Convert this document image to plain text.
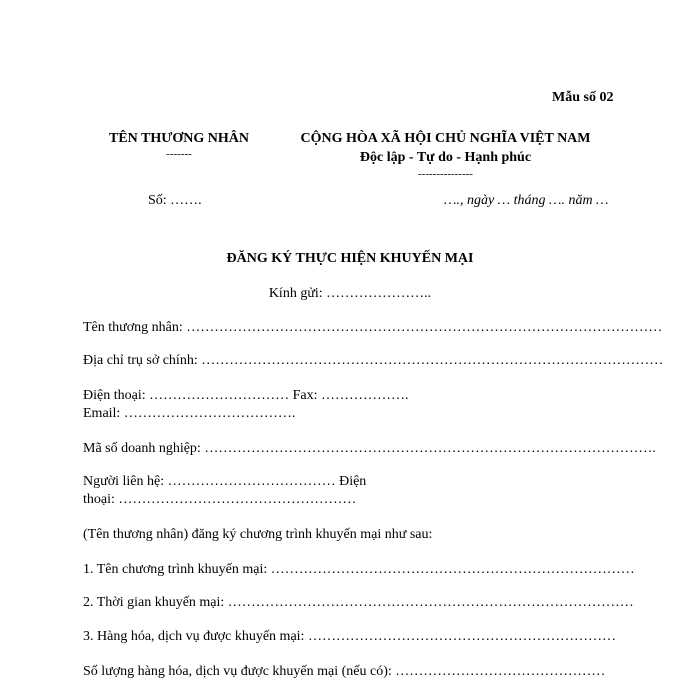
Mẫu số 02
TÊN THƯƠNG NHÂN
-------
CỘNG HÒA XÃ HỘI CHỦ NGHĨA VIỆT NAM
Độc lập - Tự do - Hạnh phúc
---------------
Số: …….	…., ngày … tháng …. năm …
ĐĂNG KÝ THỰC HIỆN KHUYẾN MẠI
Kính gửi: …………………..
Tên thương nhân: …………………………………………………………………………………………
Địa chỉ trụ sở chính: ………………………………………………………………………………………
Điện thoại: ………………………… Fax: ……………….
Email: ……………………………….
Mã số doanh nghiệp: …………………………………………………………………………………….
Người liên hệ: ……………………………… Điện
thoại: ……………………………………………
(Tên thương nhân) đăng ký chương trình khuyến mại như sau:
1. Tên chương trình khuyến mại: ……………………………………………………………………
2. Thời gian khuyến mại: ……………………………………………………………………………
3. Hàng hóa, dịch vụ được khuyến mại: …………………………………………………………
Số lượng hàng hóa, dịch vụ được khuyến mại (nếu có): ………………………………………
